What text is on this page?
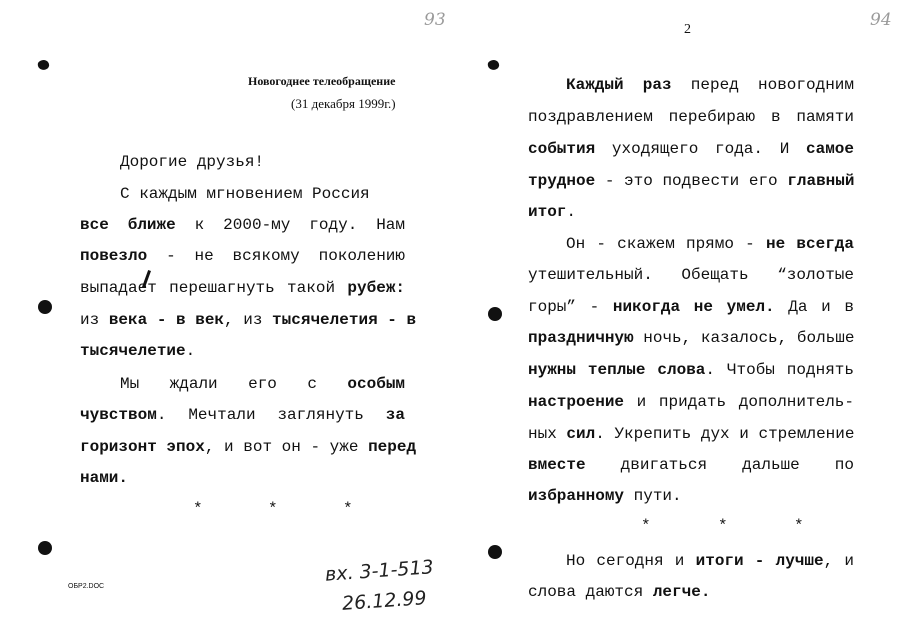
93	94
2
Новогоднее телеобращение
(31 декабря 1999г.)
Дорогие друзья!
С каждым мгновением Россия
все ближе к 2000-му году. Нам
повезло - не всякому поколению
выпадает перешагнуть такой рубеж:
из века - в век, из тысячелетия - в
тысячелетие.
Мы ждали его с особым
чувством. Мечтали заглянуть за
горизонт эпох, и вот он - уже перед
нами.
*	*	*
ОБР2.DOC
вх. 3-1-513
26.12.99
Каждый раз перед новогодним
поздравлением перебираю в памяти
события уходящего года. И самое
трудное - это подвести его главный
итог.
Он - скажем прямо - не всегда
утешительный. Обещать “золотые
горы” - никогда не умел. Да и в
праздничную ночь, казалось, больше
нужны теплые слова. Чтобы поднять
настроение и придать дополнитель-
ных сил. Укрепить дух и стремление
вместе двигаться дальше по
избранному пути.
*	*	*
Но сегодня и итоги - лучше, и
слова даются легче.
